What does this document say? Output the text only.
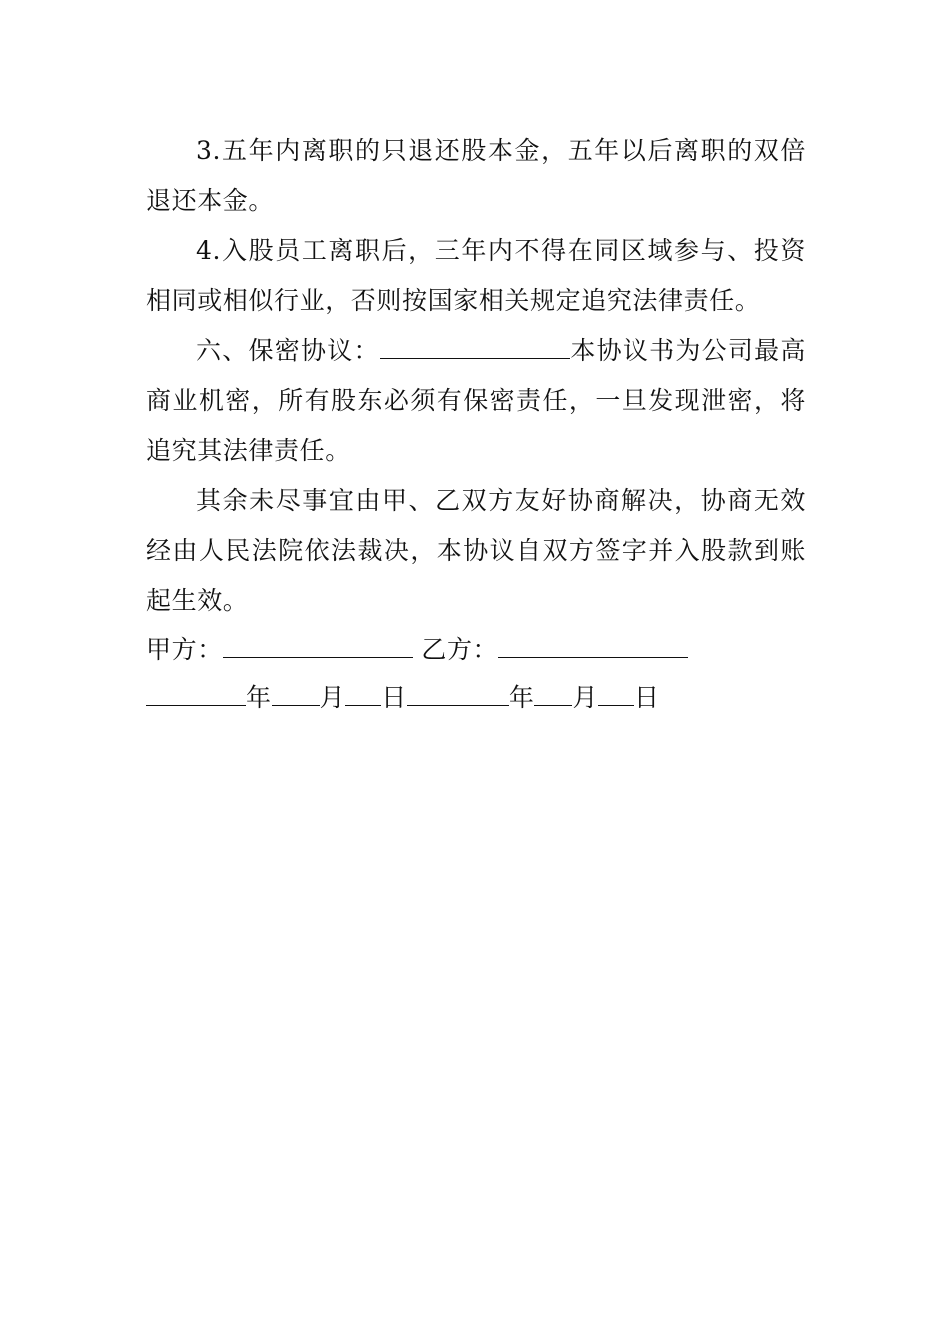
3.五年内离职的只退还股本金，五年以后离职的双倍退还本金。

4.入股员工离职后，三年内不得在同区域参与、投资相同或相似行业，否则按国家相关规定追究法律责任。

六、保密协议：	本协议书为公司最高商业机密，所有股东必须有保密责任，一旦发现泄密，将追究其法律责任。

其余未尽事宜由甲、乙双方友好协商解决，协商无效经由人民法院依法裁决，本协议自双方签字并入股款到账起生效。

甲方：	乙方：

年 月 日	年 月 日
